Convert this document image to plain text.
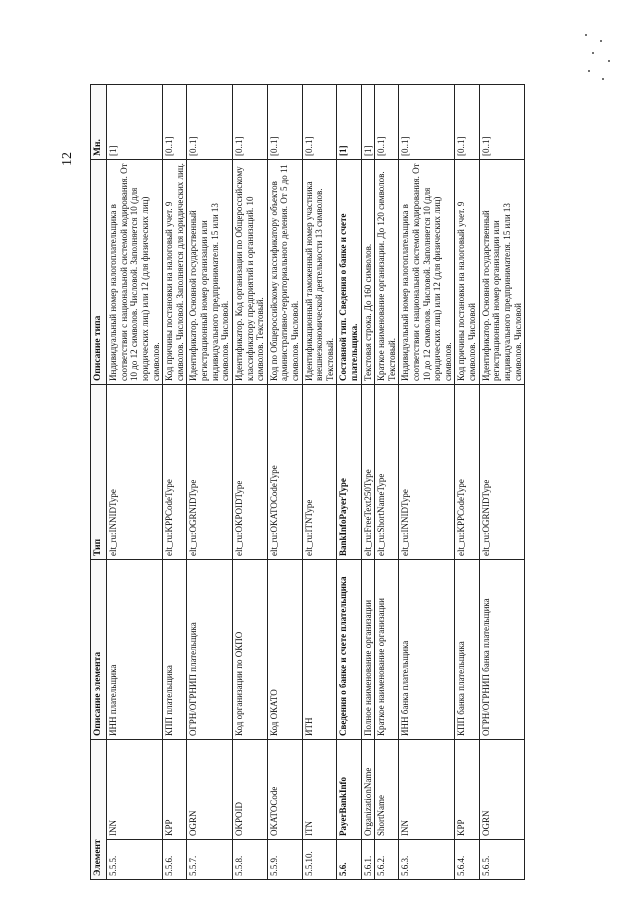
12
Элемент		Описание элемента	Тип	Описание типа	Мн.
5.5.5.	INN	ИНН плательщика	elt_ru:INNIDType	Индивидуальный номер налогоплательщика в соответствии с национальной системой кодирования. От 10 до 12 символов. Числовой. Заполняется 10 (для юридических лиц) или 12 (для физических лиц) символов.	[1]
5.5.6.	KPP	КПП плательщика	elt_ru:KPPCodeType	Код причины постановки на налоговый учет. 9 символов. Числовой. Заполняется для юридических лиц.	[0..1]
5.5.7.	OGRN	ОГРН/ОГРНИП плательщика	elt_ru:OGRNIDType	Идентификатор. Основной государственный регистрационный номер организации или индивидуального предпринимателя. 15 или 13 символов. Числовой.	[0..1]
5.5.8.	OKPOID	Код организации по ОКПО	elt_ru:OKPOIDType	Идентификатор. Код организации по Общероссийскому классификатору предприятий и организаций. 10 символов. Текстовый.	[0..1]
5.5.9.	OKATOCode	Код ОКАТО	elt_ru:OKATOCodeType	Код по Общероссийскому классификатору объектов административно-территориального деления. От 5 до 11 символов. Числовой.	[0..1]
5.5.10.	ITN	ИТН	elt_ru:ITNType	Идентификационный таможенный номер участника внешнеэкономической деятельности 13 символов. Текстовый.	[0..1]
5.6.	PayerBankInfo	Сведения о банке и счете плательщика	BankInfoPayerType	Составной тип. Сведения о банке и счете плательщика.	[1]
5.6.1.	OrganizationName	Полное наименование организации	elt_ru:FreeText250Type	Текстовая строка. До 160 символов.	[1]
5.6.2.	ShortName	Краткое наименование организации	elt_ru:ShortNameType	Краткое наименование организации. До 120 символов. Текстовый.	[0..1]
5.6.3.	INN	ИНН банка плательщика	elt_ru:INNIDType	Индивидуальный номер налогоплательщика в соответствии с национальной системой кодирования. От 10 до 12 символов. Числовой. Заполняется 10 (для юридических лиц) или 12 (для физических лиц) символов.	[0..1]
5.6.4.	KPP	КПП банка плательщика	elt_ru:KPPCodeType	Код причины постановки на налоговый учет. 9 символов. Числовой	[0..1]
5.6.5.	OGRN	ОГРН/ОГРНИП банка плательщика	elt_ru:OGRNIDType	Идентификатор. Основной государственный регистрационный номер организации или индивидуального предпринимателя. 15 или 13 символов. Числовой	[0..1]
